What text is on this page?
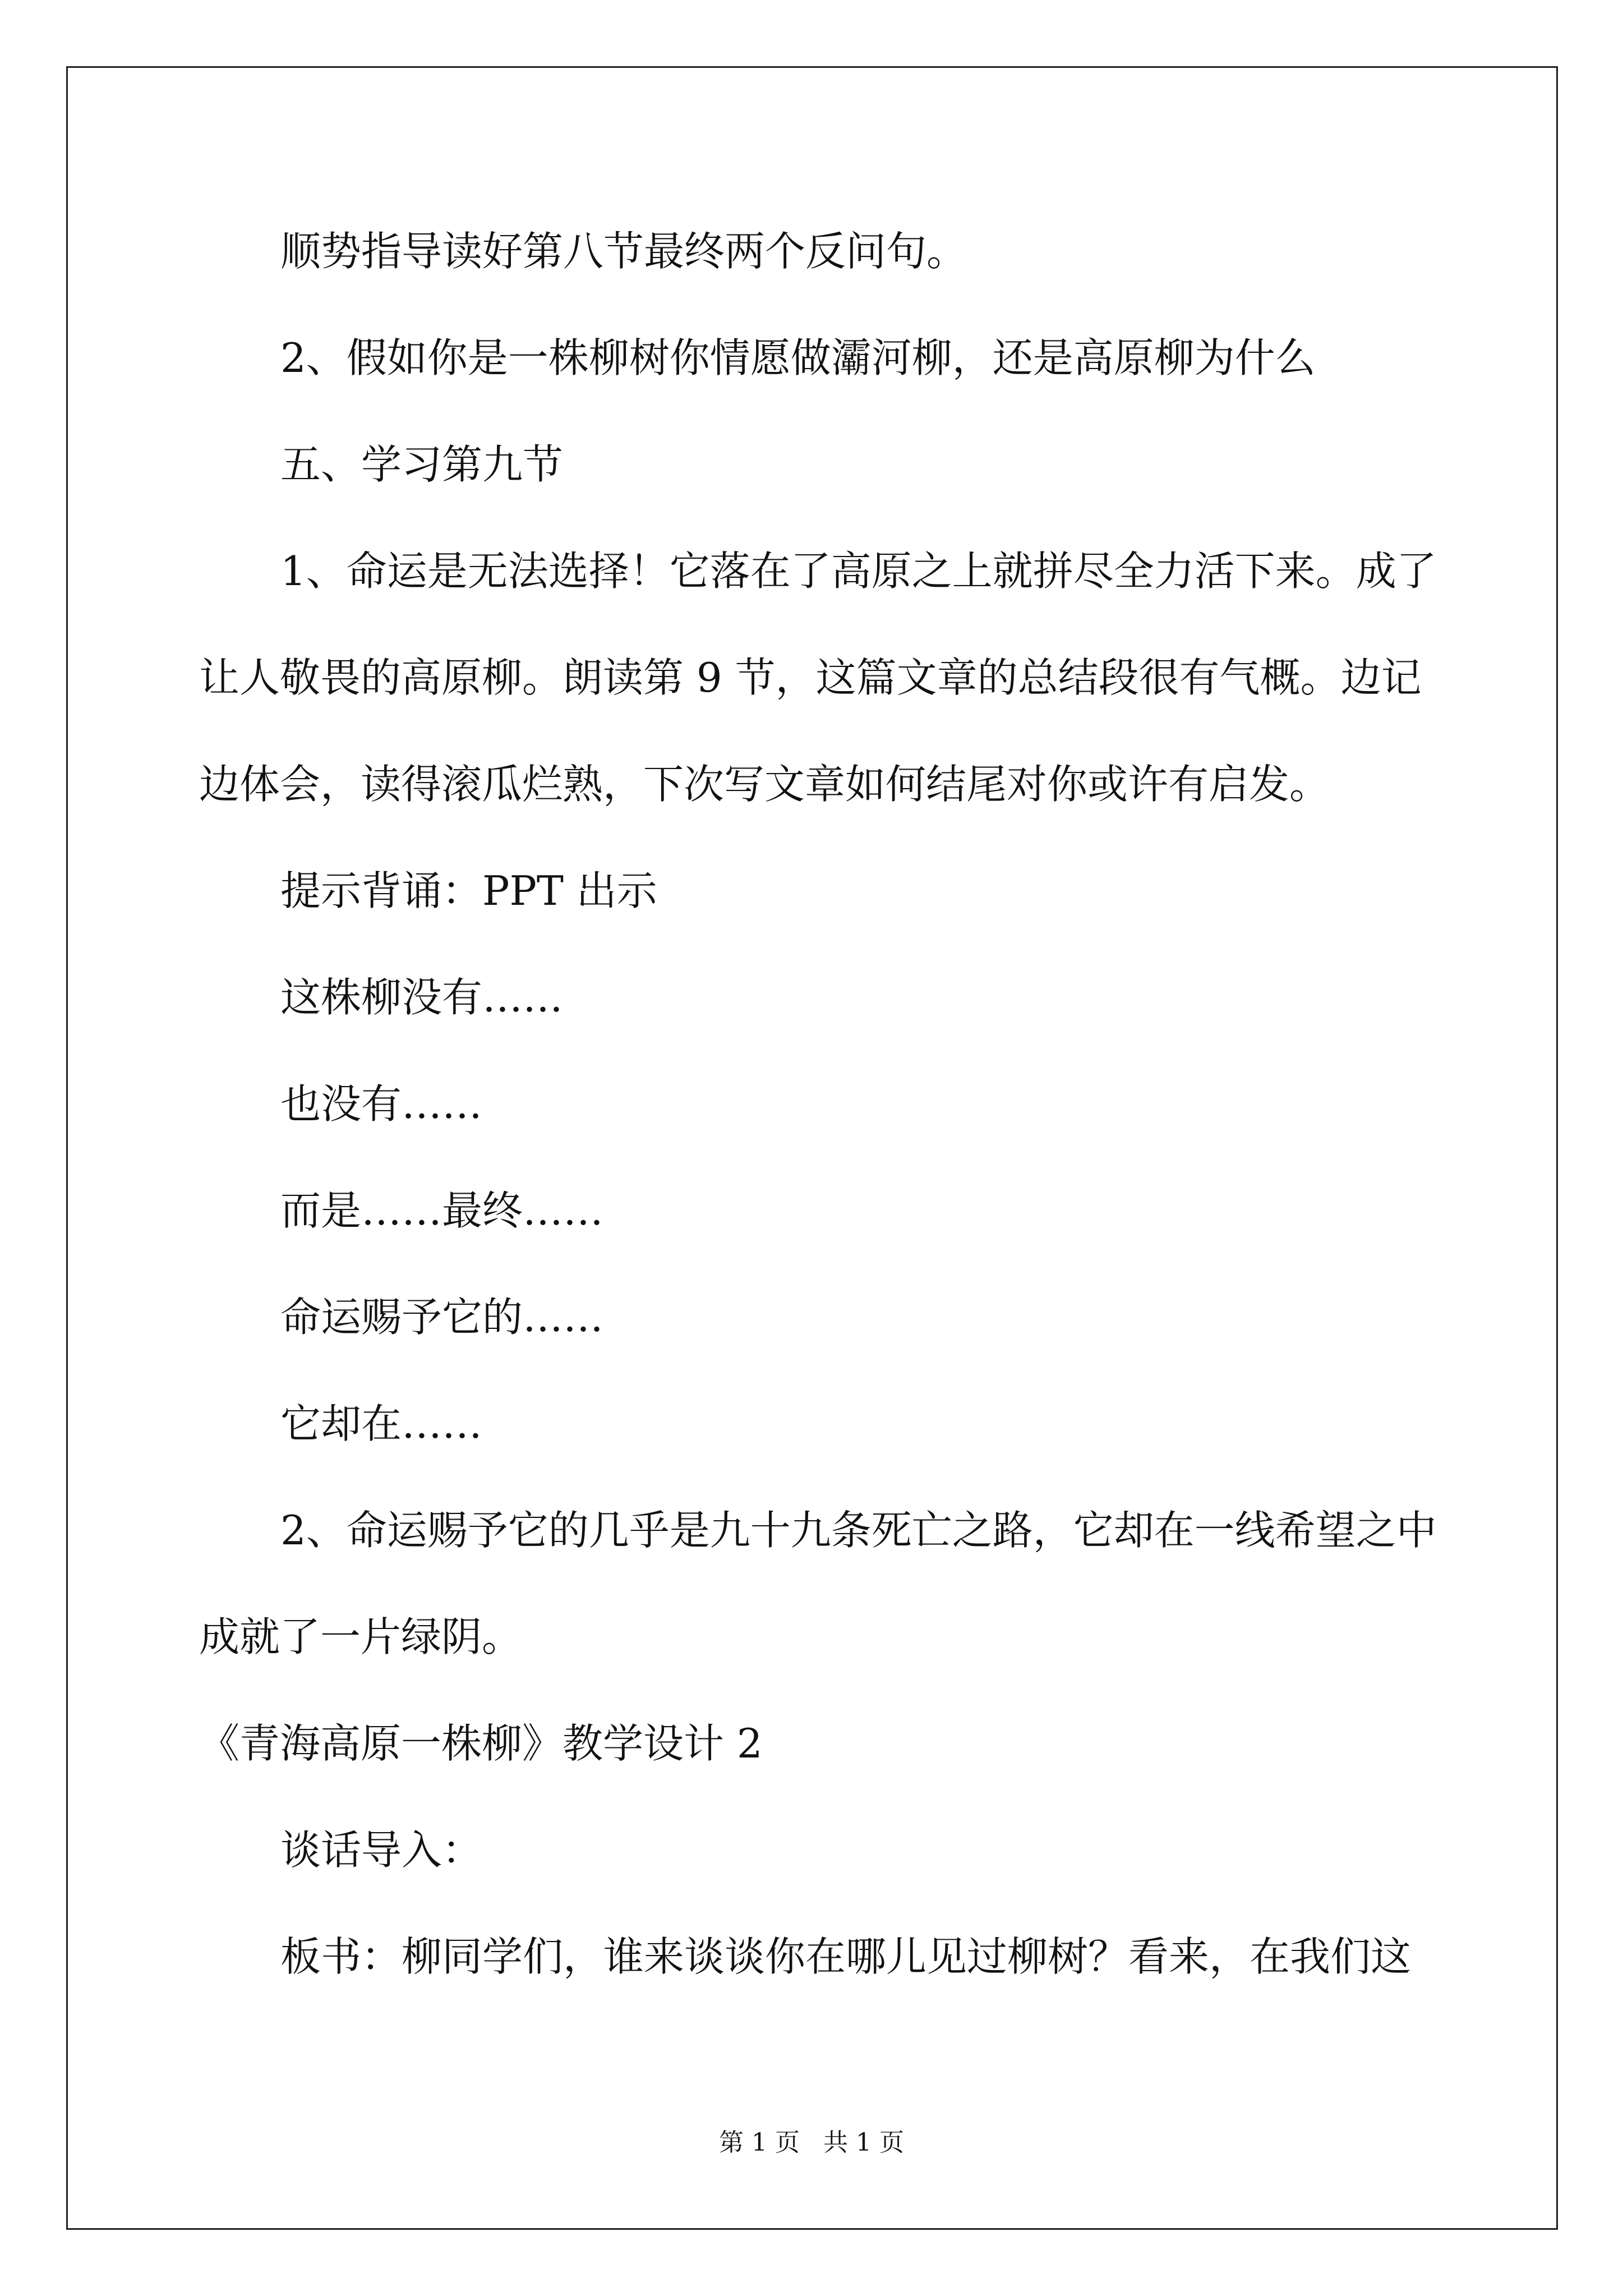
顺势指导读好第八节最终两个反问句。
2、假如你是一株柳树你情愿做灞河柳，还是高原柳为什么
五、学习第九节
1、命运是无法选择！它落在了高原之上就拼尽全力活下来。成了
让人敬畏的高原柳。朗读第 9 节，这篇文章的总结段很有气概。边记
边体会，读得滚瓜烂熟，下次写文章如何结尾对你或许有启发。
提示背诵：PPT 出示
这株柳没有……
也没有……
而是……最终……
命运赐予它的……
它却在……
2、命运赐予它的几乎是九十九条死亡之路，它却在一线希望之中
成就了一片绿阴。
《青海高原一株柳》教学设计 2
谈话导入：
板书：柳同学们，谁来谈谈你在哪儿见过柳树？看来，在我们这
第 1 页 共 1 页
